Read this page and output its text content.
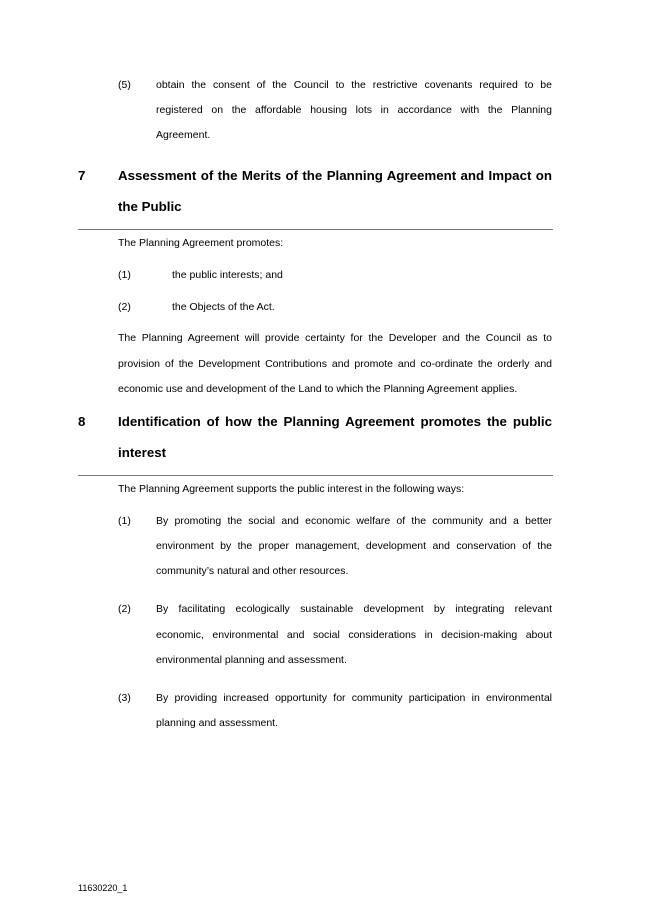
(5) obtain the consent of the Council to the restrictive covenants required to be
registered on the affordable housing lots in accordance with the Planning
Agreement.
7 Assessment of the Merits of the Planning Agreement and Impact on
the Public
The Planning Agreement promotes:
(1)	the public interests; and
(2)	the Objects of the Act.
The Planning Agreement will provide certainty for the Developer and the Council as to
provision of the Development Contributions and promote and co-ordinate the orderly and
economic use and development of the Land to which the Planning Agreement applies.
8 Identification of how the Planning Agreement promotes the public
interest
The Planning Agreement supports the public interest in the following ways:
(1) By promoting the social and economic welfare of the community and a better
environment by the proper management, development and conservation of the
community’s natural and other resources.
(2) By facilitating ecologically sustainable development by integrating relevant
economic, environmental and social considerations in decision-making about
environmental planning and assessment.
(3) By providing increased opportunity for community participation in environmental
planning and assessment.
11630220_1
